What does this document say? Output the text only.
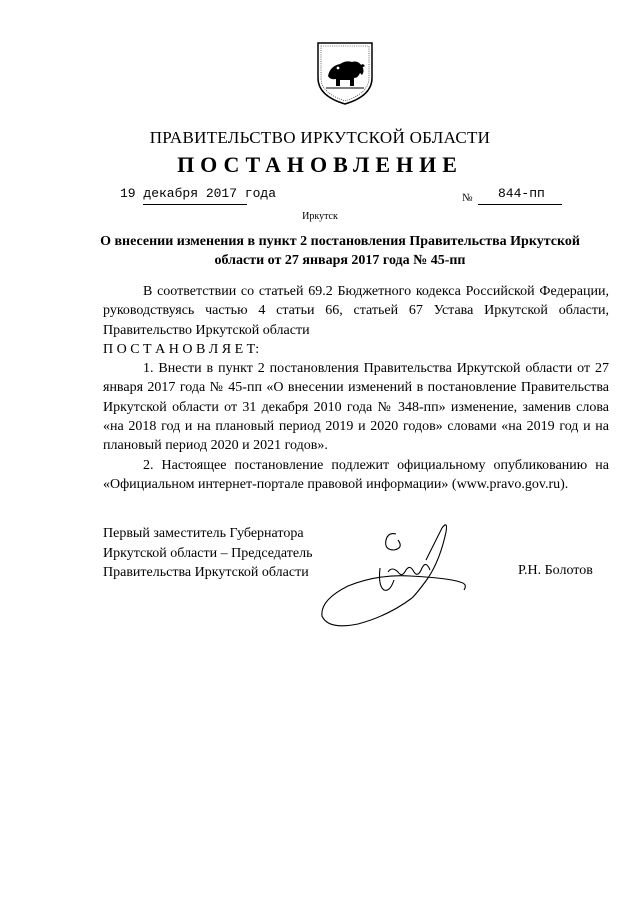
ПРАВИТЕЛЬСТВО ИРКУТСКОЙ ОБЛАСТИ
ПОСТАНОВЛЕНИЕ
19 декабря 2017 года	№ 844-пп
Иркутск
О внесении изменения в пункт 2 постановления Правительства Иркутской области от 27 января 2017 года № 45-пп

В соответствии со статьей 69.2 Бюджетного кодекса Российской Федерации, руководствуясь частью 4 статьи 66, статьей 67 Устава Иркутской области, Правительство Иркутской области

П О С Т А Н О В Л Я Е Т:

1. Внести в пункт 2 постановления Правительства Иркутской области от 27 января 2017 года № 45-пп «О внесении изменений в постановление Правительства Иркутской области от 31 декабря 2010 года № 348-пп» изменение, заменив слова «на 2018 год и на плановый период 2019 и 2020 годов» словами «на 2019 год и на плановый период 2020 и 2021 годов».

2. Настоящее постановление подлежит официальному опубликованию на «Официальном интернет-портале правовой информации» (www.pravo.gov.ru).

Первый заместитель Губернатора
Иркутской области – Председатель
Правительства Иркутской области	Р.Н. Болотов
